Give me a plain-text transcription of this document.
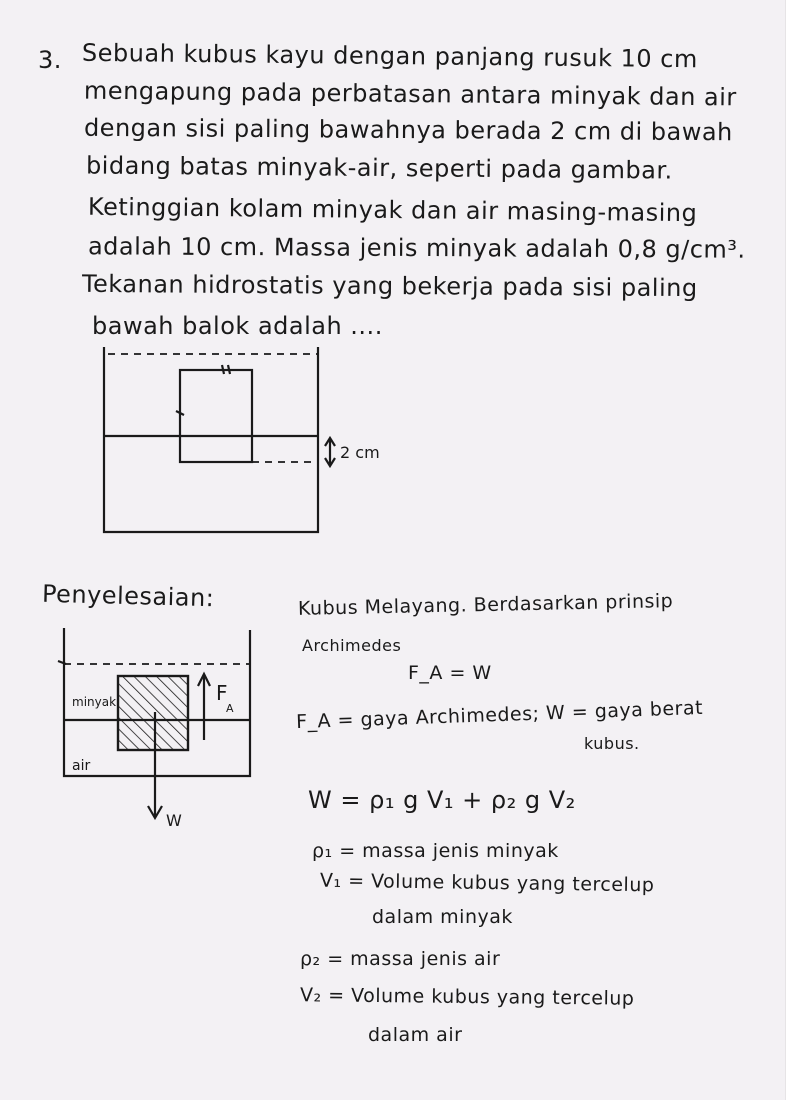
3. Sebuah kubus kayu dengan panjang rusuk 10 cm
mengapung pada perbatasan antara minyak dan air
dengan sisi paling bawahnya berada 2 cm di bawah
bidang batas minyak-air, seperti pada gambar.
Ketinggian kolam minyak dan air masing-masing
adalah 10 cm. Massa jenis minyak adalah 0,8 g/cm³.
Tekanan hidrostatis yang bekerja pada sisi paling
bawah balok adalah ....
2 cm
Penyelesaian:
F
A
minyak
air
W
Kubus Melayang. Berdasarkan prinsip
Archimedes
F_A = W
F_A = gaya Archimedes; W = gaya berat
kubus.
W = ρ₁ g V₁ + ρ₂ g V₂
ρ₁ = massa jenis minyak
V₁ = Volume kubus yang tercelup
dalam minyak
ρ₂ = massa jenis air
V₂ = Volume kubus yang tercelup
dalam air
